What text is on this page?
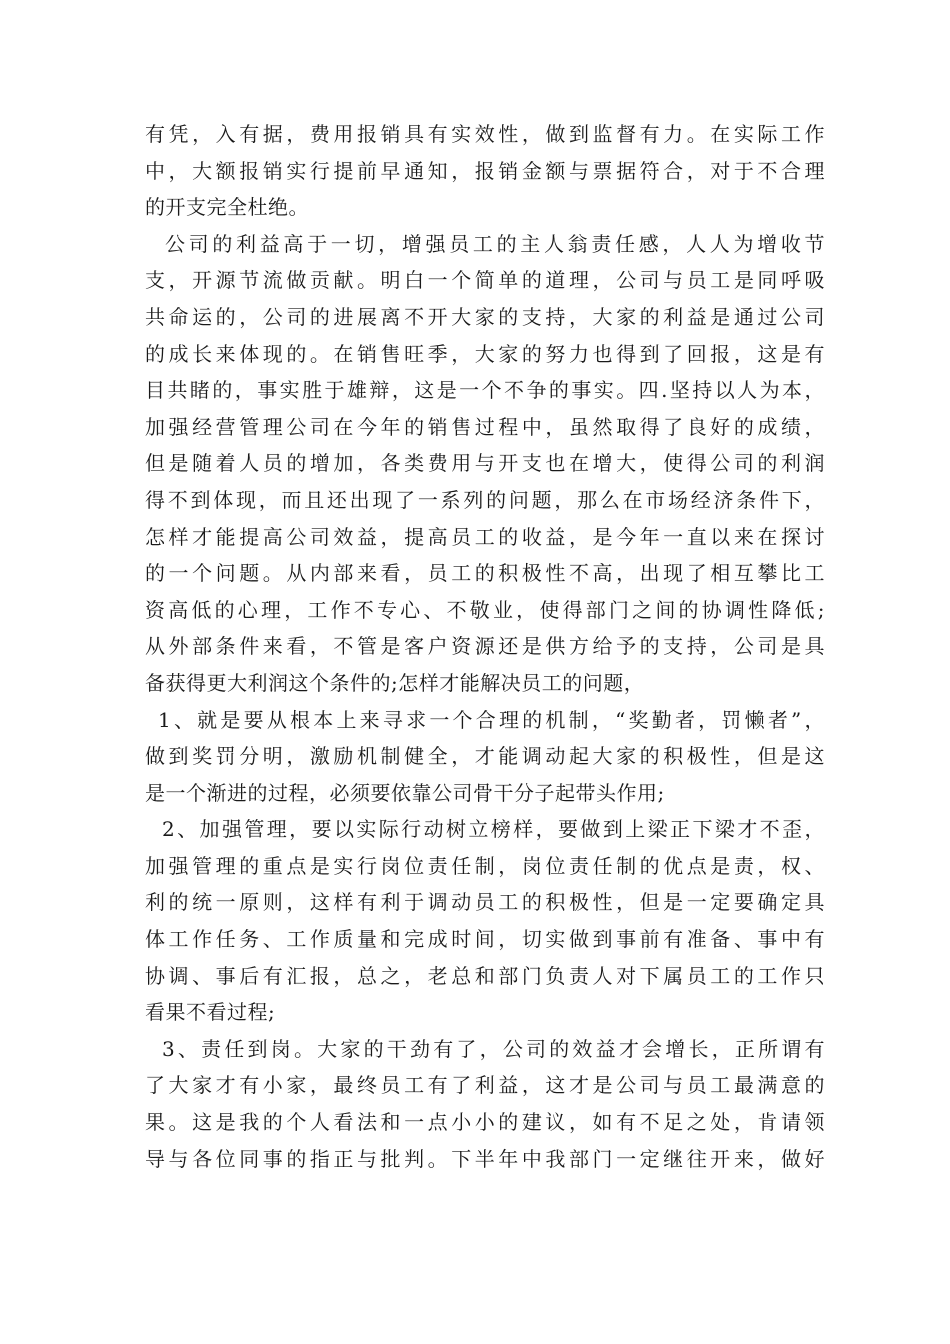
有凭，入有据，费用报销具有实效性，做到监督有力。在实际工作
中，大额报销实行提前早通知，报销金额与票据符合，对于不合理
的开支完全杜绝。
公司的利益高于一切，增强员工的主人翁责任感，人人为增收节
支，开源节流做贡献。明白一个简单的道理，公司与员工是同呼吸
共命运的，公司的进展离不开大家的支持，大家的利益是通过公司
的成长来体现的。在销售旺季，大家的努力也得到了回报，这是有
目共睹的，事实胜于雄辩，这是一个不争的事实。四.坚持以人为本，
加强经营管理公司在今年的销售过程中，虽然取得了良好的成绩，
但是随着人员的增加，各类费用与开支也在增大，使得公司的利润
得不到体现，而且还出现了一系列的问题，那么在市场经济条件下，
怎样才能提高公司效益，提高员工的收益，是今年一直以来在探讨
的一个问题。从内部来看，员工的积极性不高，出现了相互攀比工
资高低的心理，工作不专心、不敬业，使得部门之间的协调性降低;
从外部条件来看，不管是客户资源还是供方给予的支持，公司是具
备获得更大利润这个条件的;怎样才能解决员工的问题，
1、就是要从根本上来寻求一个合理的机制，“奖勤者，罚懒者”，
做到奖罚分明，激励机制健全，才能调动起大家的积极性，但是这
是一个渐进的过程，必须要依靠公司骨干分子起带头作用;
2、加强管理，要以实际行动树立榜样，要做到上梁正下梁才不歪，
加强管理的重点是实行岗位责任制，岗位责任制的优点是责，权、
利的统一原则，这样有利于调动员工的积极性，但是一定要确定具
体工作任务、工作质量和完成时间，切实做到事前有准备、事中有
协调、事后有汇报，总之，老总和部门负责人对下属员工的工作只
看果不看过程;
3、责任到岗。大家的干劲有了，公司的效益才会增长，正所谓有
了大家才有小家，最终员工有了利益，这才是公司与员工最满意的
果。这是我的个人看法和一点小小的建议，如有不足之处，肯请领
导与各位同事的指正与批判。下半年中我部门一定继往开来，做好
